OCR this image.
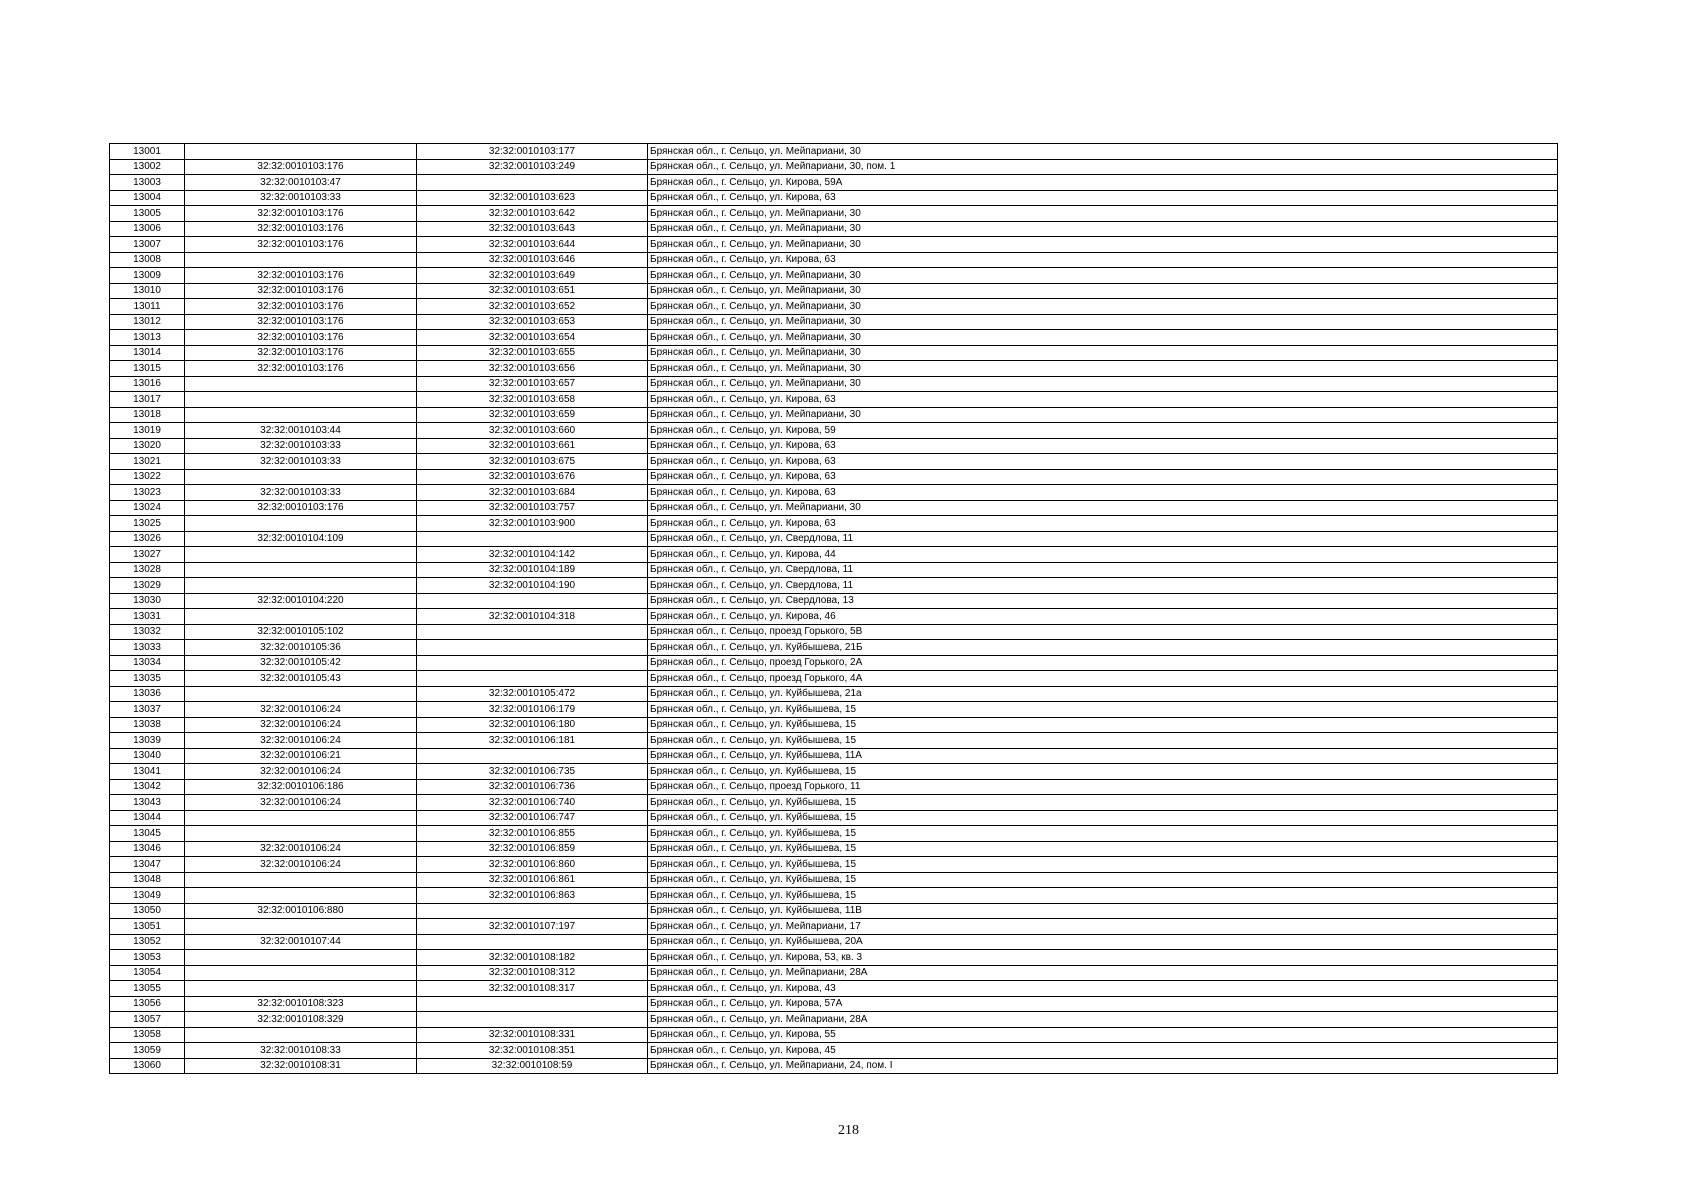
13001		32:32:0010103:177	Брянская обл., г. Сельцо, ул. Мейпариани, 30
13002	32:32:0010103:176	32:32:0010103:249	Брянская обл., г. Сельцо, ул. Мейпариани, 30, пом. 1
13003	32:32:0010103:47		Брянская обл., г. Сельцо, ул. Кирова, 59А
13004	32:32:0010103:33	32:32:0010103:623	Брянская обл., г. Сельцо, ул. Кирова, 63
13005	32:32:0010103:176	32:32:0010103:642	Брянская обл., г. Сельцо, ул. Мейпариани, 30
13006	32:32:0010103:176	32:32:0010103:643	Брянская обл., г. Сельцо, ул. Мейпариани, 30
13007	32:32:0010103:176	32:32:0010103:644	Брянская обл., г. Сельцо, ул. Мейпариани, 30
13008		32:32:0010103:646	Брянская обл., г. Сельцо, ул. Кирова, 63
13009	32:32:0010103:176	32:32:0010103:649	Брянская обл., г. Сельцо, ул. Мейпариани, 30
13010	32:32:0010103:176	32:32:0010103:651	Брянская обл., г. Сельцо, ул. Мейпариани, 30
13011	32:32:0010103:176	32:32:0010103:652	Брянская обл., г. Сельцо, ул. Мейпариани, 30
13012	32:32:0010103:176	32:32:0010103:653	Брянская обл., г. Сельцо, ул. Мейпариани, 30
13013	32:32:0010103:176	32:32:0010103:654	Брянская обл., г. Сельцо, ул. Мейпариани, 30
13014	32:32:0010103:176	32:32:0010103:655	Брянская обл., г. Сельцо, ул. Мейпариани, 30
13015	32:32:0010103:176	32:32:0010103:656	Брянская обл., г. Сельцо, ул. Мейпариани, 30
13016		32:32:0010103:657	Брянская обл., г. Сельцо, ул. Мейпариани, 30
13017		32:32:0010103:658	Брянская обл., г. Сельцо, ул. Кирова, 63
13018		32:32:0010103:659	Брянская обл., г. Сельцо, ул. Мейпариани, 30
13019	32:32:0010103:44	32:32:0010103:660	Брянская обл., г. Сельцо, ул. Кирова, 59
13020	32:32:0010103:33	32:32:0010103:661	Брянская обл., г. Сельцо, ул. Кирова, 63
13021	32:32:0010103:33	32:32:0010103:675	Брянская обл., г. Сельцо, ул. Кирова, 63
13022		32:32:0010103:676	Брянская обл., г. Сельцо, ул. Кирова, 63
13023	32:32:0010103:33	32:32:0010103:684	Брянская обл., г. Сельцо, ул. Кирова, 63
13024	32:32:0010103:176	32:32:0010103:757	Брянская обл., г. Сельцо, ул. Мейпариани, 30
13025		32:32:0010103:900	Брянская обл., г. Сельцо, ул. Кирова, 63
13026	32:32:0010104:109		Брянская обл., г. Сельцо, ул. Свердлова, 11
13027		32:32:0010104:142	Брянская обл., г. Сельцо, ул. Кирова, 44
13028		32:32:0010104:189	Брянская обл., г. Сельцо, ул. Свердлова, 11
13029		32:32:0010104:190	Брянская обл., г. Сельцо, ул. Свердлова, 11
13030	32:32:0010104:220		Брянская обл., г. Сельцо, ул. Свердлова, 13
13031		32:32:0010104:318	Брянская обл., г. Сельцо, ул. Кирова, 46
13032	32:32:0010105:102		Брянская обл., г. Сельцо, проезд Горького, 5В
13033	32:32:0010105:36		Брянская обл., г. Сельцо, ул. Куйбышева, 21Б
13034	32:32:0010105:42		Брянская обл., г. Сельцо, проезд Горького, 2А
13035	32:32:0010105:43		Брянская обл., г. Сельцо, проезд Горького, 4А
13036		32:32:0010105:472	Брянская обл., г. Сельцо, ул. Куйбышева, 21а
13037	32:32:0010106:24	32:32:0010106:179	Брянская обл., г. Сельцо, ул. Куйбышева, 15
13038	32:32:0010106:24	32:32:0010106:180	Брянская обл., г. Сельцо, ул. Куйбышева, 15
13039	32:32:0010106:24	32:32:0010106:181	Брянская обл., г. Сельцо, ул. Куйбышева, 15
13040	32:32:0010106:21		Брянская обл., г. Сельцо, ул. Куйбышева, 11А
13041	32:32:0010106:24	32:32:0010106:735	Брянская обл., г. Сельцо, ул. Куйбышева, 15
13042	32:32:0010106:186	32:32:0010106:736	Брянская обл., г. Сельцо, проезд Горького, 11
13043	32:32:0010106:24	32:32:0010106:740	Брянская обл., г. Сельцо, ул. Куйбышева, 15
13044		32:32:0010106:747	Брянская обл., г. Сельцо, ул. Куйбышева, 15
13045		32:32:0010106:855	Брянская обл., г. Сельцо, ул. Куйбышева, 15
13046	32:32:0010106:24	32:32:0010106:859	Брянская обл., г. Сельцо, ул. Куйбышева, 15
13047	32:32:0010106:24	32:32:0010106:860	Брянская обл., г. Сельцо, ул. Куйбышева, 15
13048		32:32:0010106:861	Брянская обл., г. Сельцо, ул. Куйбышева, 15
13049		32:32:0010106:863	Брянская обл., г. Сельцо, ул. Куйбышева, 15
13050	32:32:0010106:880		Брянская обл., г. Сельцо, ул. Куйбышева, 11В
13051		32:32:0010107:197	Брянская обл., г. Сельцо, ул. Мейпариани, 17
13052	32:32:0010107:44		Брянская обл., г. Сельцо, ул. Куйбышева, 20А
13053		32:32:0010108:182	Брянская обл., г. Сельцо, ул. Кирова, 53, кв. 3
13054		32:32:0010108:312	Брянская обл., г. Сельцо, ул. Мейпариани, 28А
13055		32:32:0010108:317	Брянская обл., г. Сельцо, ул. Кирова, 43
13056	32:32:0010108:323		Брянская обл., г. Сельцо, ул. Кирова, 57А
13057	32:32:0010108:329		Брянская обл., г. Сельцо, ул. Мейпариани, 28А
13058		32:32:0010108:331	Брянская обл., г. Сельцо, ул. Кирова, 55
13059	32:32:0010108:33	32:32:0010108:351	Брянская обл., г. Сельцо, ул. Кирова, 45
13060	32:32:0010108:31	32:32:0010108:59	Брянская обл., г. Сельцо, ул. Мейпариани, 24, пом. I
218
